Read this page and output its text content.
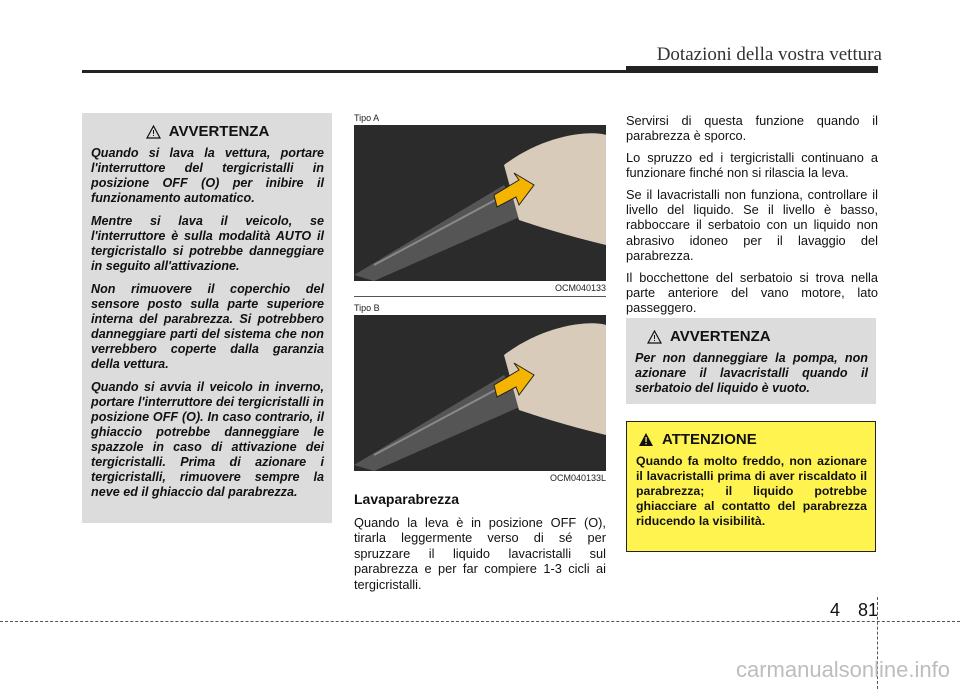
Dotazioni della vostra vettura
AVVERTENZA

Quando si lava la vettura, portare l'interruttore del tergicristalli in posizione OFF (O) per inibire il funzionamento automatico.

Mentre si lava il veicolo, se l'interruttore è sulla modalità AUTO il tergicristallo si potrebbe danneggiare in seguito all'attivazione.

Non rimuovere il coperchio del sensore posto sulla parte superiore interna del parabrezza. Si potrebbero danneggiare parti del sistema che non verrebbero coperte dalla garanzia della vettura.

Quando si avvia il veicolo in inverno, portare l'interruttore dei tergicristalli in posizione OFF (O). In caso contrario, il ghiaccio potrebbe danneggiare le spazzole in caso di attivazione dei tergicristalli. Prima di azionare i tergicristalli, rimuovere sempre la neve ed il ghiaccio dal parabrezza.

Tipo A
OCM040133
Tipo B
OCM040133L
Lavaparabrezza

Quando la leva è in posizione OFF (O), tirarla leggermente verso di sé per spruzzare il liquido lavacristalli sul parabrezza e per far compiere 1-3 cicli ai tergicristalli.

Servirsi di questa funzione quando il parabrezza è sporco.

Lo spruzzo ed i tergicristalli continuano a funzionare finché non si rilascia la leva.

Se il lavacristalli non funziona, controllare il livello del liquido. Se il livello è basso, rabboccare il serbatoio con un liquido non abrasivo idoneo per il lavaggio del parabrezza.

Il bocchettone del serbatoio si trova nella parte anteriore del vano motore, lato passeggero.

AVVERTENZA

Per non danneggiare la pompa, non azionare il lavacristalli quando il serbatoio del liquido è vuoto.

ATTENZIONE

Quando fa molto freddo, non azionare il lavacristalli prima di aver riscaldato il parabrezza; il liquido potrebbe ghiacciare al contatto del parabrezza riducendo la visibilità.

4 81
carmanualsonline.info
